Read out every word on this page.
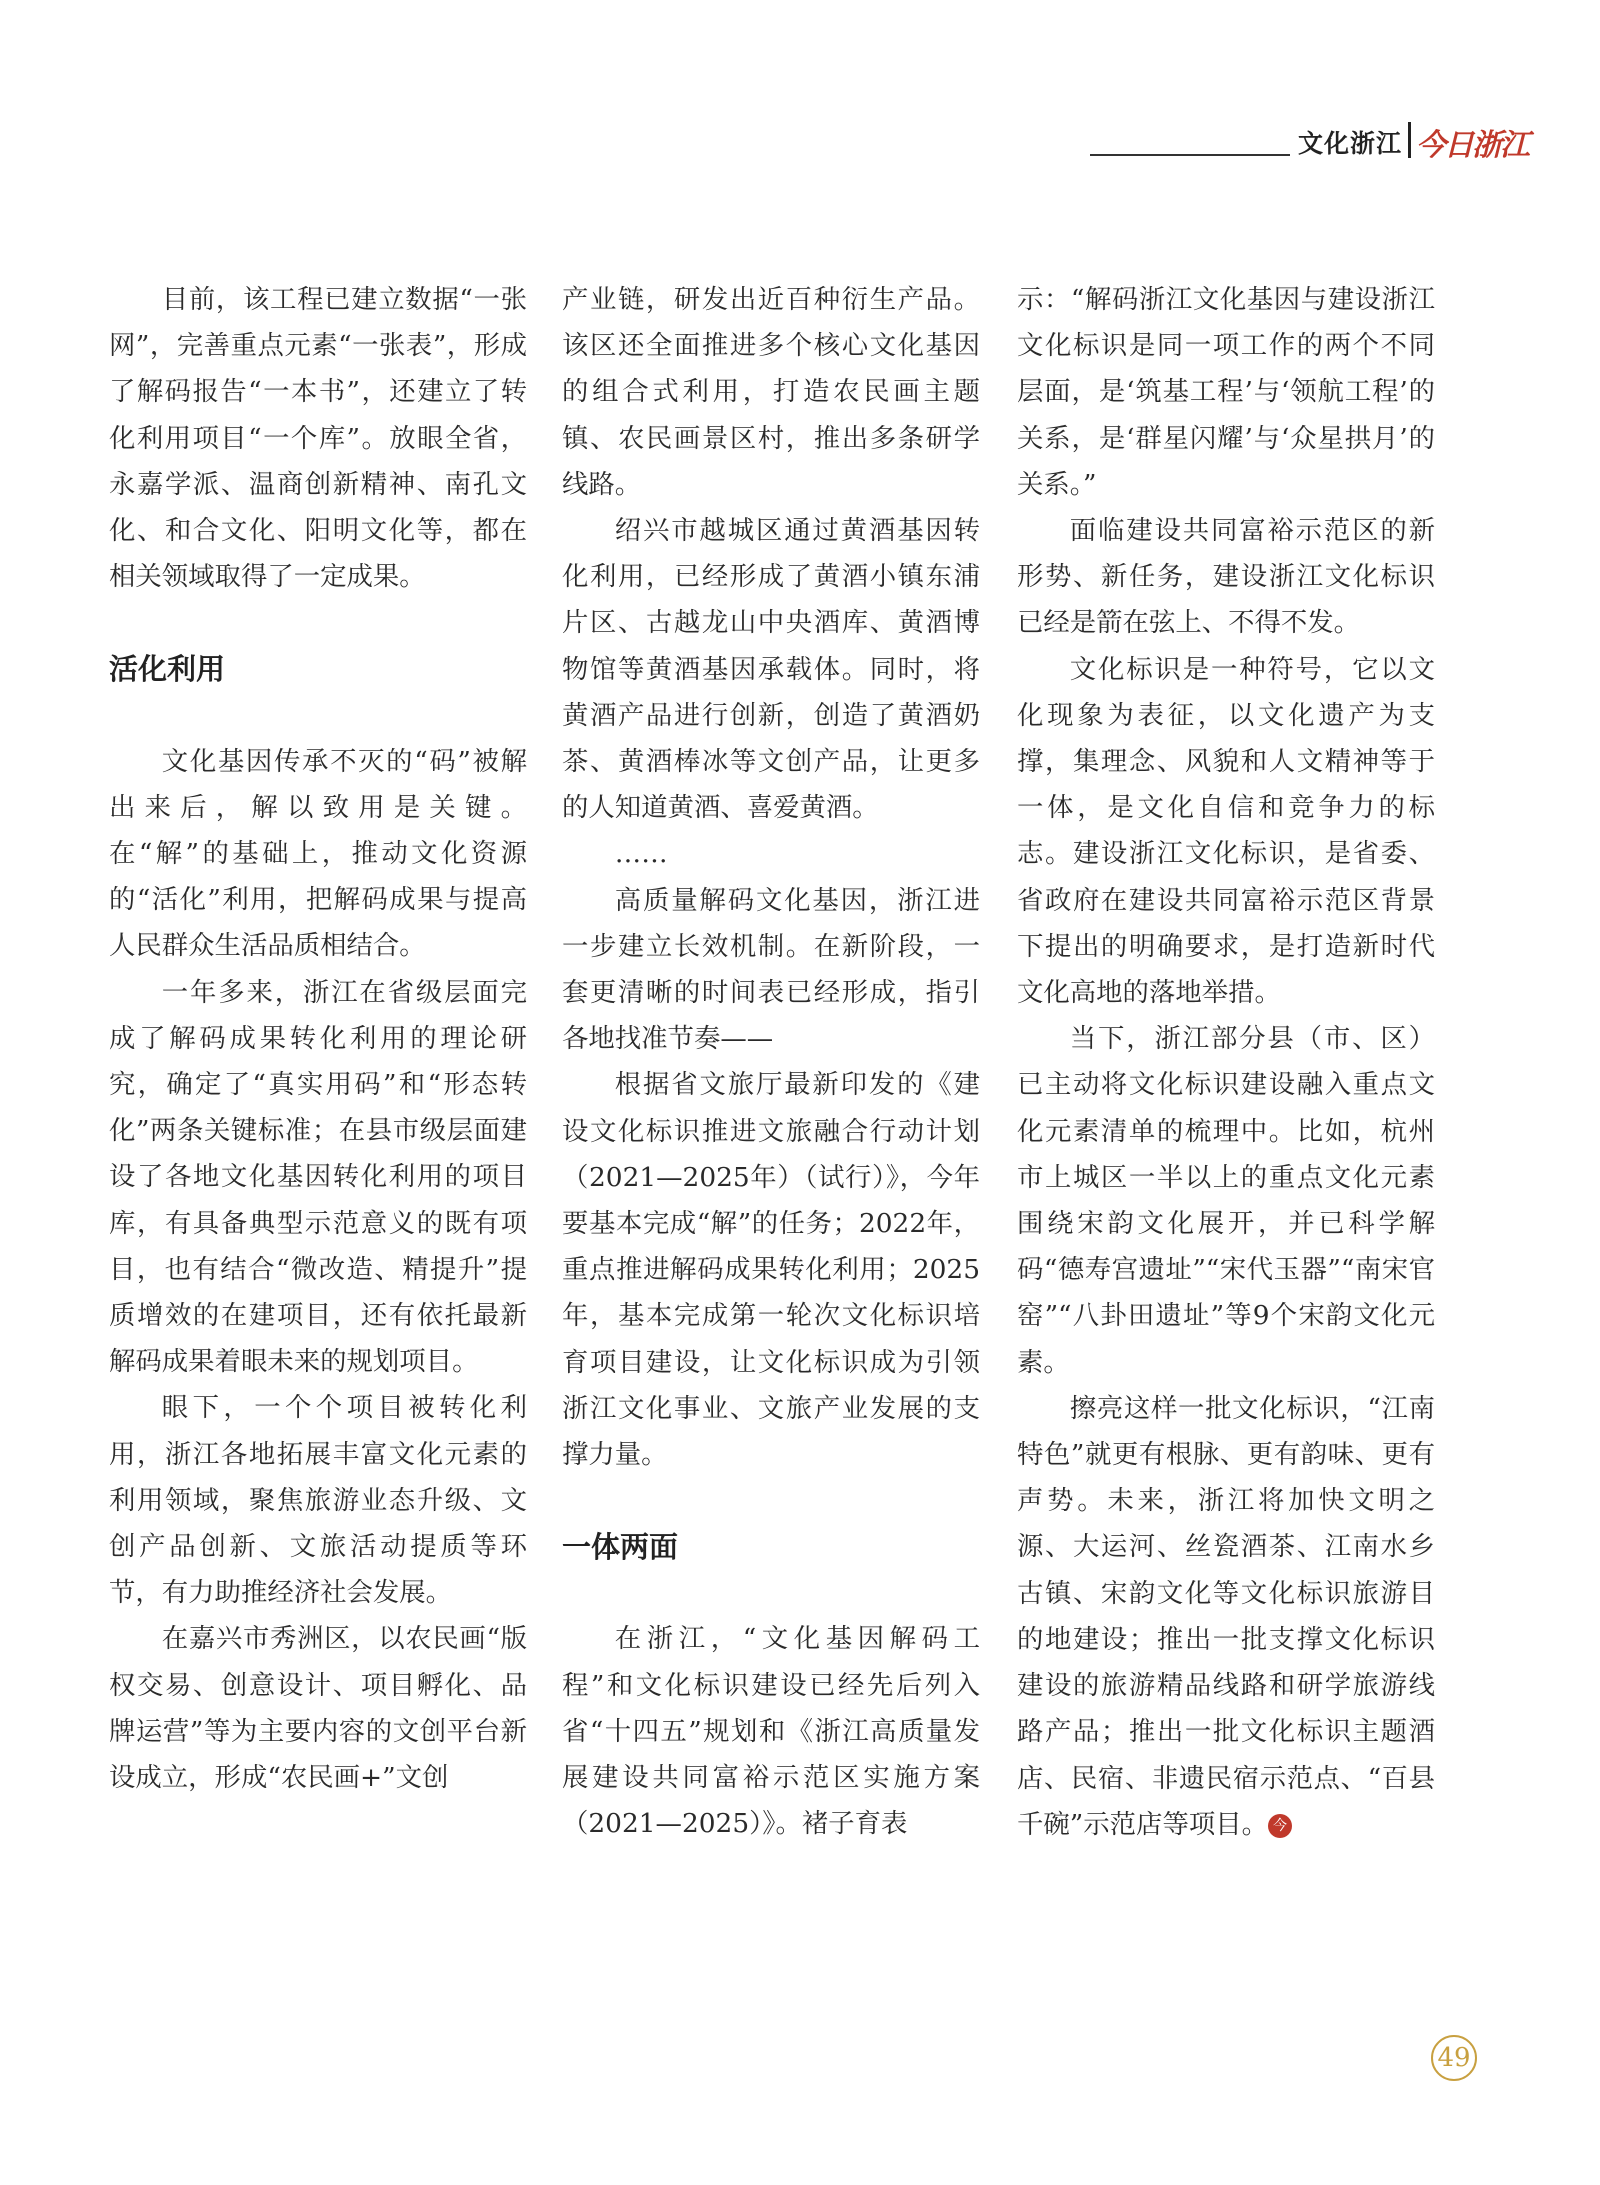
文化浙江 今日浙江

目前，该工程已建立数据“一张网”，完善重点元素“一张表”，形成了解码报告“一本书”，还建立了转化利用项目“一个库”。放眼全省，永嘉学派、温商创新精神、南孔文化、和合文化、阳明文化等，都在相关领域取得了一定成果。

活化利用

文化基因传承不灭的“码”被解出来后，解以致用是关键。在“解”的基础上，推动文化资源的“活化”利用，把解码成果与提高人民群众生活品质相结合。

一年多来，浙江在省级层面完成了解码成果转化利用的理论研究，确定了“真实用码”和“形态转化”两条关键标准；在县市级层面建设了各地文化基因转化利用的项目库，有具备典型示范意义的既有项目，也有结合“微改造、精提升”提质增效的在建项目，还有依托最新解码成果着眼未来的规划项目。

眼下，一个个项目被转化利用，浙江各地拓展丰富文化元素的利用领域，聚焦旅游业态升级、文创产品创新、文旅活动提质等环节，有力助推经济社会发展。

在嘉兴市秀洲区，以农民画“版权交易、创意设计、项目孵化、品牌运营”等为主要内容的文创平台新设成立，形成“农民画+”文创

产业链，研发出近百种衍生产品。该区还全面推进多个核心文化基因的组合式利用，打造农民画主题镇、农民画景区村，推出多条研学线路。

绍兴市越城区通过黄酒基因转化利用，已经形成了黄酒小镇东浦片区、古越龙山中央酒库、黄酒博物馆等黄酒基因承载体。同时，将黄酒产品进行创新，创造了黄酒奶茶、黄酒棒冰等文创产品，让更多的人知道黄酒、喜爱黄酒。

……

高质量解码文化基因，浙江进一步建立长效机制。在新阶段，一套更清晰的时间表已经形成，指引各地找准节奏——

根据省文旅厅最新印发的《建设文化标识推进文旅融合行动计划（2021—2025年）（试行）》，今年要基本完成“解”的任务；2022年，重点推进解码成果转化利用；2025年，基本完成第一轮次文化标识培育项目建设，让文化标识成为引领浙江文化事业、文旅产业发展的支撑力量。

一体两面

在浙江，“文化基因解码工程”和文化标识建设已经先后列入省“十四五”规划和《浙江高质量发展建设共同富裕示范区实施方案（2021—2025）》。褚子育表

示：“解码浙江文化基因与建设浙江文化标识是同一项工作的两个不同层面，是‘筑基工程’与‘领航工程’的关系，是‘群星闪耀’与‘众星拱月’的关系。”

面临建设共同富裕示范区的新形势、新任务，建设浙江文化标识已经是箭在弦上、不得不发。

文化标识是一种符号，它以文化现象为表征，以文化遗产为支撑，集理念、风貌和人文精神等于一体，是文化自信和竞争力的标志。建设浙江文化标识，是省委、省政府在建设共同富裕示范区背景下提出的明确要求，是打造新时代文化高地的落地举措。

当下，浙江部分县（市、区）已主动将文化标识建设融入重点文化元素清单的梳理中。比如，杭州市上城区一半以上的重点文化元素围绕宋韵文化展开，并已科学解码“德寿宫遗址”“宋代玉器”“南宋官窑”“八卦田遗址”等9个宋韵文化元素。

擦亮这样一批文化标识，“江南特色”就更有根脉、更有韵味、更有声势。未来，浙江将加快文明之源、大运河、丝瓷酒茶、江南水乡古镇、宋韵文化等文化标识旅游目的地建设；推出一批支撑文化标识建设的旅游精品线路和研学旅游线路产品；推出一批文化标识主题酒店、民宿、非遗民宿示范点、“百县千碗”示范店等项目。 今

49
